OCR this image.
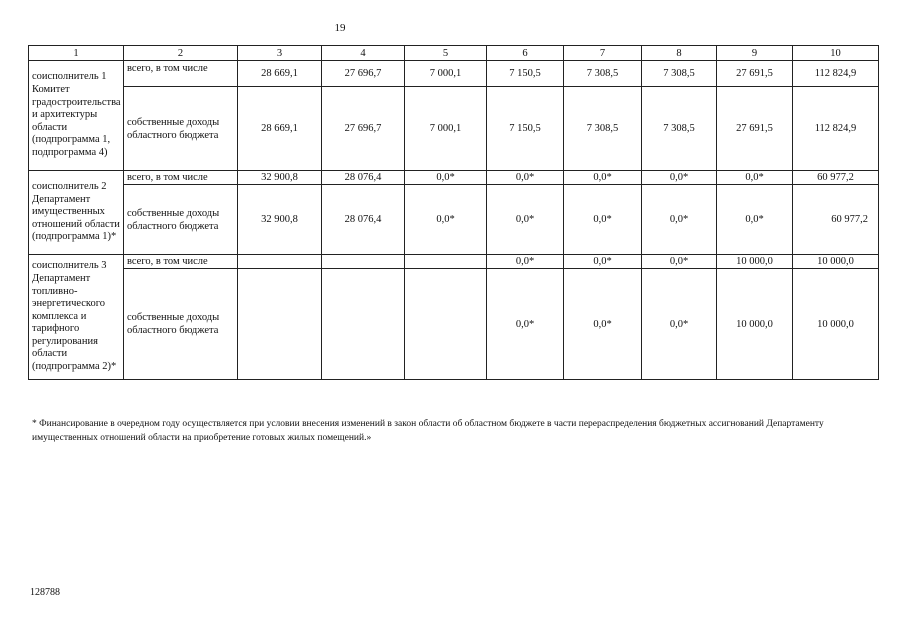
19
1	2	3	4	5	6	7	8	9	10
соисполнитель 1 Комитет градостроительства и архитектуры области (подпрограмма 1, подпрограмма 4)	всего, в том числе	28 669,1	27 696,7	7 000,1	7 150,5	7 308,5	7 308,5	27 691,5	112 824,9
	собственные доходы областного бюджета	28 669,1	27 696,7	7 000,1	7 150,5	7 308,5	7 308,5	27 691,5	112 824,9
соисполнитель 2 Департамент имущественных отношений области (подпрограмма 1)*	всего, в том числе	32 900,8	28 076,4	0,0*	0,0*	0,0*	0,0*	0,0*	60 977,2
	собственные доходы областного бюджета	32 900,8	28 076,4	0,0*	0,0*	0,0*	0,0*	0,0*	60 977,2
соисполнитель 3 Департамент топливно-энергетического комплекса и тарифного регулирования области (подпрограмма 2)*	всего, в том числе				0,0*	0,0*	0,0*	10 000,0	10 000,0
	собственные доходы областного бюджета				0,0*	0,0*	0,0*	10 000,0	10 000,0
* Финансирование в очередном году осуществляется при условии внесения изменений в закон области об областном бюджете в части перераспределения бюджетных ассигнований Департаменту имущественных отношений области на приобретение готовых жилых помещений.»
128788
